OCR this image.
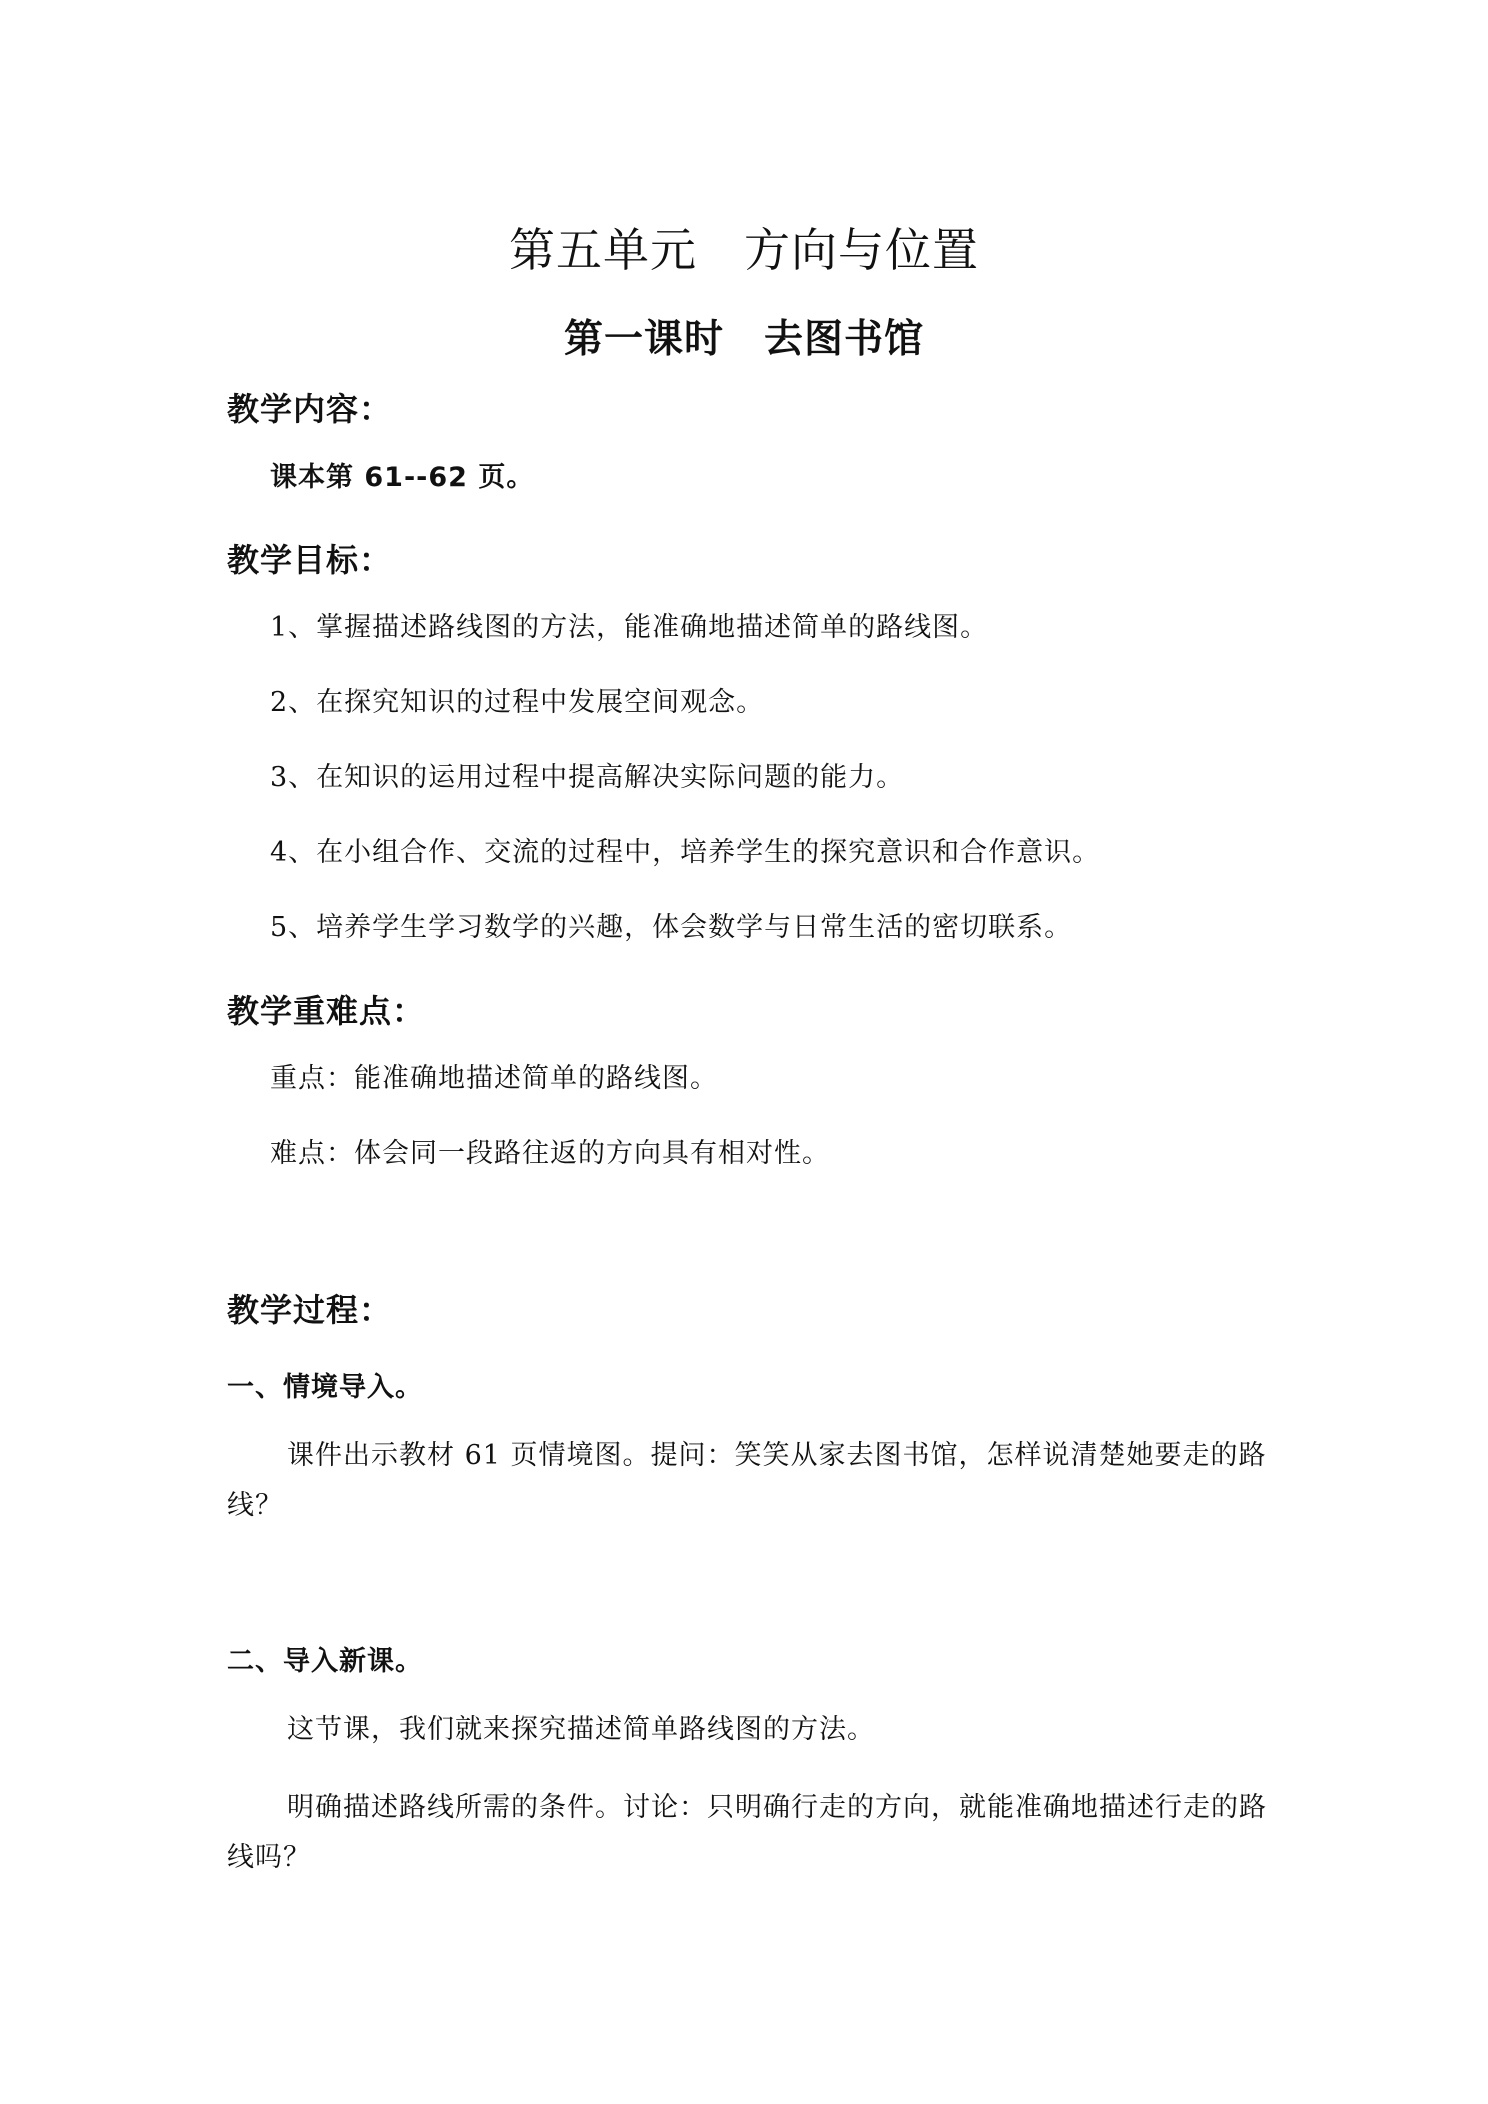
第五单元　方向与位置
第一课时　去图书馆
教学内容：
课本第 61--62 页。
教学目标：
1、掌握描述路线图的方法，能准确地描述简单的路线图。
2、在探究知识的过程中发展空间观念。
3、在知识的运用过程中提高解决实际问题的能力。
4、在小组合作、交流的过程中，培养学生的探究意识和合作意识。
5、培养学生学习数学的兴趣，体会数学与日常生活的密切联系。
教学重难点：
重点：能准确地描述简单的路线图。
难点：体会同一段路往返的方向具有相对性。
教学过程：
一、情境导入。

课件出示教材 61 页情境图。提问：笑笑从家去图书馆，怎样说清楚她要走的路线？

二、导入新课。

这节课，我们就来探究描述简单路线图的方法。

明确描述路线所需的条件。讨论：只明确行走的方向，就能准确地描述行走的路线吗？
